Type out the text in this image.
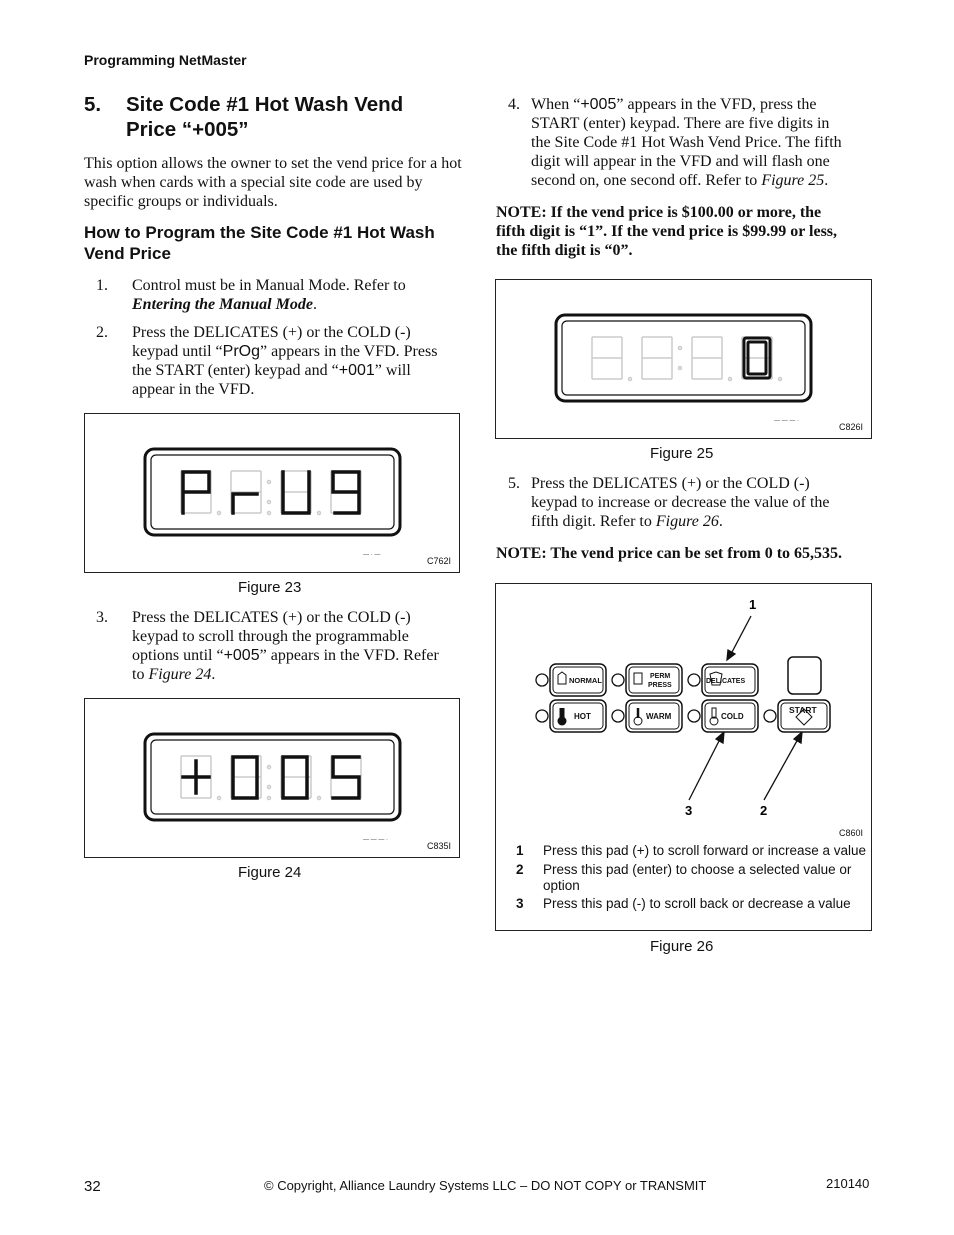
Programming NetMaster
5. Site Code #1 Hot Wash Vend Price “+005”
This option allows the owner to set the vend price for a hot wash when cards with a special site code are used by specific groups or individuals.
How to Program the Site Code #1 Hot Wash Vend Price
1. Control must be in Manual Mode. Refer to
Entering the Manual Mode.
2. Press the DELICATES (+) or the COLD (-)
keypad until “PrOg” appears in the VFD. Press
the START (enter) keypad and “+001” will
appear in the VFD.
— · —
C762I
Figure 23
3. Press the DELICATES (+) or the COLD (-)
keypad to scroll through the programmable
options until “+005” appears in the VFD. Refer
to Figure 24.
— — — ·
C835I
Figure 24
4. When “+005” appears in the VFD, press the
START (enter) keypad. There are five digits in
the Site Code #1 Hot Wash Vend Price. The fifth
digit will appear in the VFD and will flash one
second on, one second off. Refer to Figure 25.
NOTE: If the vend price is $100.00 or more, the
fifth digit is “1”. If the vend price is $99.99 or less,
the fifth digit is “0”.
— — — ·
C826I
Figure 25
5. Press the DELICATES (+) or the COLD (-)
keypad to increase or decrease the value of the
fifth digit. Refer to Figure 26.
NOTE: The vend price can be set from 0 to 65,535.
1
3	2
NORMAL	PERM
PRESS
DELICATES
HOT	WARM	COLD
START
C860I
1 Press this pad (+) to scroll forward or increase a value
2 Press this pad (enter) to choose a selected value or option
3 Press this pad (-) to scroll back or decrease a value
Figure 26
32	© Copyright, Alliance Laundry Systems LLC – DO NOT COPY or TRANSMIT	210140
